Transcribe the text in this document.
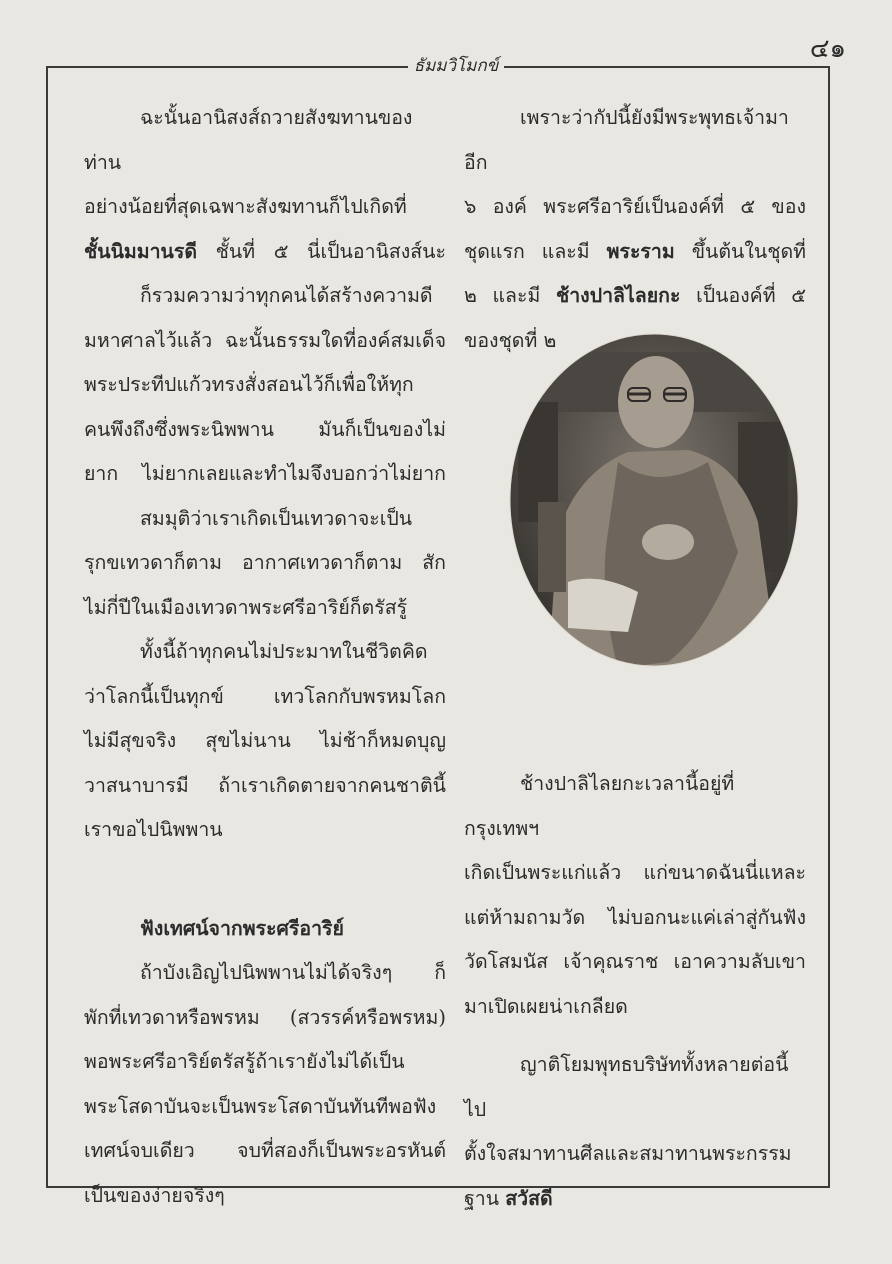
๔๑
ธัมมวิโมกข์

ฉะนั้นอานิสงส์ถวายสังฆทานของท่าน

อย่างน้อยที่สุดเฉพาะสังฆทานก็ไปเกิดที่

ชั้นนิมมานรดี ชั้นที่ ๕ นี่เป็นอานิสงส์นะ

ก็รวมความว่าทุกคนได้สร้างความดี

มหาศาลไว้แล้ว ฉะนั้นธรรมใดที่องค์สมเด็จ

พระประทีปแก้วทรงสั่งสอนไว้ก็เพื่อให้ทุก

คนพึงถึงซึ่งพระนิพพาน มันก็เป็นของไม่

ยาก ไม่ยากเลยและทำไมจึงบอกว่าไม่ยาก

สมมุติว่าเราเกิดเป็นเทวดาจะเป็น

รุกขเทวดาก็ตาม อากาศเทวดาก็ตาม สัก

ไม่กี่ปีในเมืองเทวดาพระศรีอาริย์ก็ตรัสรู้

ทั้งนี้ถ้าทุกคนไม่ประมาทในชีวิตคิด

ว่าโลกนี้เป็นทุกข์ เทวโลกกับพรหมโลก

ไม่มีสุขจริง สุขไม่นาน ไม่ช้าก็หมดบุญ

วาสนาบารมี ถ้าเราเกิดตายจากคนชาตินี้

เราขอไปนิพพาน

ฟังเทศน์จากพระศรีอาริย์

ถ้าบังเอิญไปนิพพานไม่ได้จริงๆ ก็

พักที่เทวดาหรือพรหม (สวรรค์หรือพรหม)

พอพระศรีอาริย์ตรัสรู้ถ้าเรายังไม่ได้เป็น

พระโสดาบันจะเป็นพระโสดาบันทันทีพอฟัง

เทศน์จบเดียว จบที่สองก็เป็นพระอรหันต์

เป็นของง่ายจริงๆ

เพราะว่ากัปนี้ยังมีพระพุทธเจ้ามาอีก

๖ องค์ พระศรีอาริย์เป็นองค์ที่ ๕ ของ

ชุดแรก และมี พระราม ขึ้นต้นในชุดที่

๒ และมี ช้างปาลิไลยกะ เป็นองค์ที่ ๕

ของชุดที่ ๒

ช้างปาลิไลยกะเวลานี้อยู่ที่กรุงเทพฯ

เกิดเป็นพระแก่แล้ว แก่ขนาดฉันนี่แหละ

แต่ห้ามถามวัด ไม่บอกนะแค่เล่าสู่กันฟัง

วัดโสมนัส เจ้าคุณราช เอาความลับเขา

มาเปิดเผยน่าเกลียด

ญาติโยมพุทธบริษัททั้งหลายต่อนี้ไป

ตั้งใจสมาทานศีลและสมาทานพระกรรม

ฐาน สวัสดี
